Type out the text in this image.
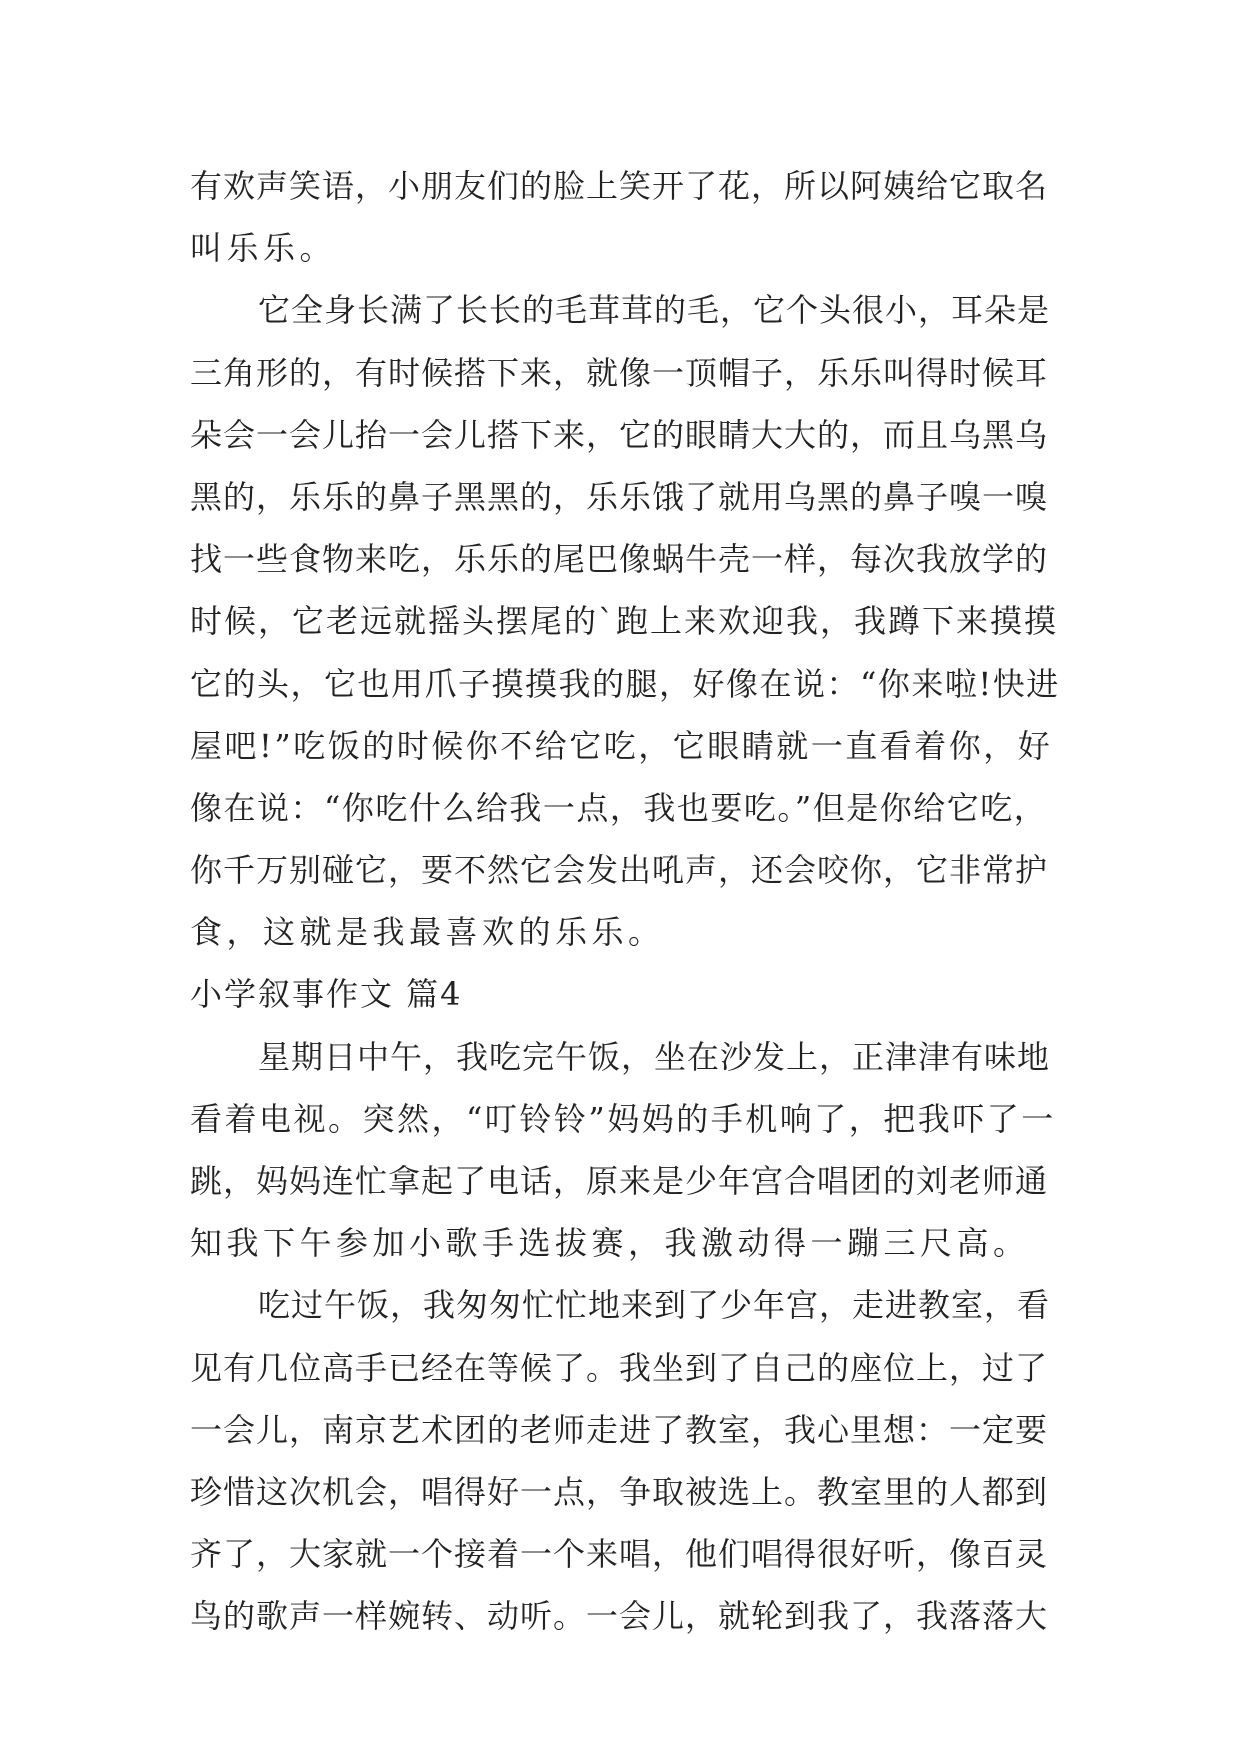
有欢声笑语，小朋友们的脸上笑开了花，所以阿姨给它取名
叫乐乐。
它全身长满了长长的毛茸茸的毛，它个头很小，耳朵是
三角形的，有时候搭下来，就像一顶帽子，乐乐叫得时候耳
朵会一会儿抬一会儿搭下来，它的眼睛大大的，而且乌黑乌
黑的，乐乐的鼻子黑黑的，乐乐饿了就用乌黑的鼻子嗅一嗅
找一些食物来吃，乐乐的尾巴像蜗牛壳一样，每次我放学的
时候，它老远就摇头摆尾的`跑上来欢迎我，我蹲下来摸摸
它的头，它也用爪子摸摸我的腿，好像在说：“你来啦!快进
屋吧!”吃饭的时候你不给它吃，它眼睛就一直看着你，好
像在说：“你吃什么给我一点，我也要吃。”但是你给它吃，
你千万别碰它，要不然它会发出吼声，还会咬你，它非常护
食，这就是我最喜欢的乐乐。
小学叙事作文 篇4
星期日中午，我吃完午饭，坐在沙发上，正津津有味地
看着电视。突然，“叮铃铃”妈妈的手机响了，把我吓了一
跳，妈妈连忙拿起了电话，原来是少年宫合唱团的刘老师通
知我下午参加小歌手选拔赛，我激动得一蹦三尺高。
吃过午饭，我匆匆忙忙地来到了少年宫，走进教室，看
见有几位高手已经在等候了。我坐到了自己的座位上，过了
一会儿，南京艺术团的老师走进了教室，我心里想：一定要
珍惜这次机会，唱得好一点，争取被选上。教室里的人都到
齐了，大家就一个接着一个来唱，他们唱得很好听，像百灵
鸟的歌声一样婉转、动听。一会儿，就轮到我了，我落落大
